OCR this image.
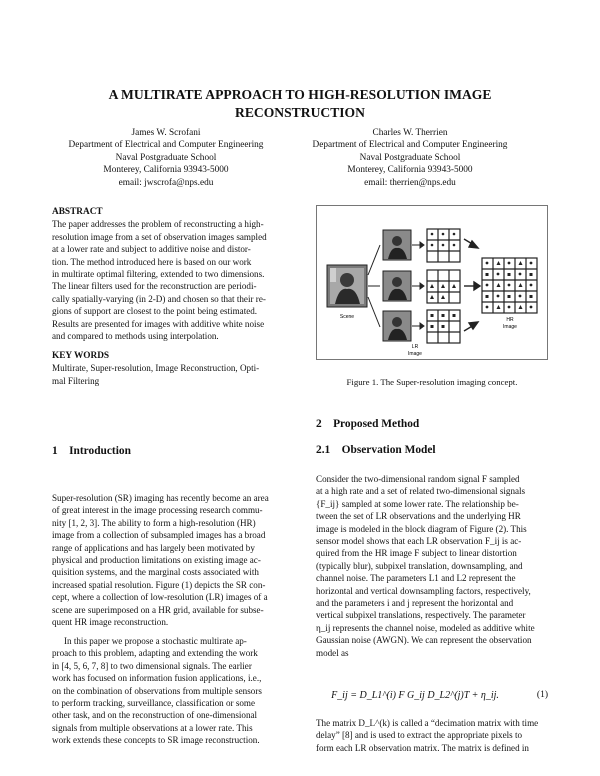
A MULTIRATE APPROACH TO HIGH-RESOLUTION IMAGE
RECONSTRUCTION
James W. Scrofani
Department of Electrical and Computer Engineering
Naval Postgraduate School
Monterey, California 93943-5000
email: jwscrofa@nps.edu
Charles W. Therrien
Department of Electrical and Computer Engineering
Naval Postgraduate School
Monterey, California 93943-5000
email: therrien@nps.edu
ABSTRACT
The paper addresses the problem of reconstructing a high-
resolution image from a set of observation images sampled
at a lower rate and subject to additive noise and distor-
tion. The method introduced here is based on our work
in multirate optimal filtering, extended to two dimensions.
The linear filters used for the reconstruction are periodi-
cally spatially-varying (in 2-D) and chosen so that their re-
gions of support are closest to the point being estimated.
Results are presented for images with additive white noise
and compared to methods using interpolation.
KEY WORDS
Multirate, Super-resolution, Image Reconstruction, Opti-
mal Filtering
1    Introduction
Super-resolution (SR) imaging has recently become an area
of great interest in the image processing research commu-
nity [1, 2, 3]. The ability to form a high-resolution (HR)
image from a collection of subsampled images has a broad
range of applications and has largely been motivated by
physical and production limitations on existing image ac-
quisition systems, and the marginal costs associated with
increased spatial resolution. Figure (1) depicts the SR con-
cept, where a collection of low-resolution (LR) images of a
scene are superimposed on a HR grid, available for subse-
quent HR image reconstruction.
In this paper we propose a stochastic multirate ap-
proach to this problem, adapting and extending the work
in [4, 5, 6, 7, 8] to two dimensional signals. The earlier
work has focused on information fusion applications, i.e.,
on the combination of observations from multiple sensors
to perform tracking, surveillance, classification or some
other task, and on the reconstruction of one-dimensional
signals from multiple observations at a lower rate. This
work extends these concepts to SR image reconstruction.
Scene
LR
Image
HR
Image
Figure 1. The Super-resolution imaging concept.
2    Proposed Method
2.1    Observation Model
Consider the two-dimensional random signal F sampled
at a high rate and a set of related two-dimensional signals
{F_ij} sampled at some lower rate. The relationship be-
tween the set of LR observations and the underlying HR
image is modeled in the block diagram of Figure (2). This
sensor model shows that each LR observation F_ij is ac-
quired from the HR image F subject to linear distortion
(typically blur), subpixel translation, downsampling, and
channel noise. The parameters L1 and L2 represent the
horizontal and vertical downsampling factors, respectively,
and the parameters i and j represent the horizontal and
vertical subpixel translations, respectively. The parameter
η_ij represents the channel noise, modeled as additive white
Gaussian noise (AWGN). We can represent the observation
model as
F_ij = D_L1^(i) F G_ij D_L2^(j)T + η_ij.	(1)
The matrix D_L^(k) is called a “decimation matrix with time
delay” [8] and is used to extract the appropriate pixels to
form each LR observation matrix. The matrix is defined in
